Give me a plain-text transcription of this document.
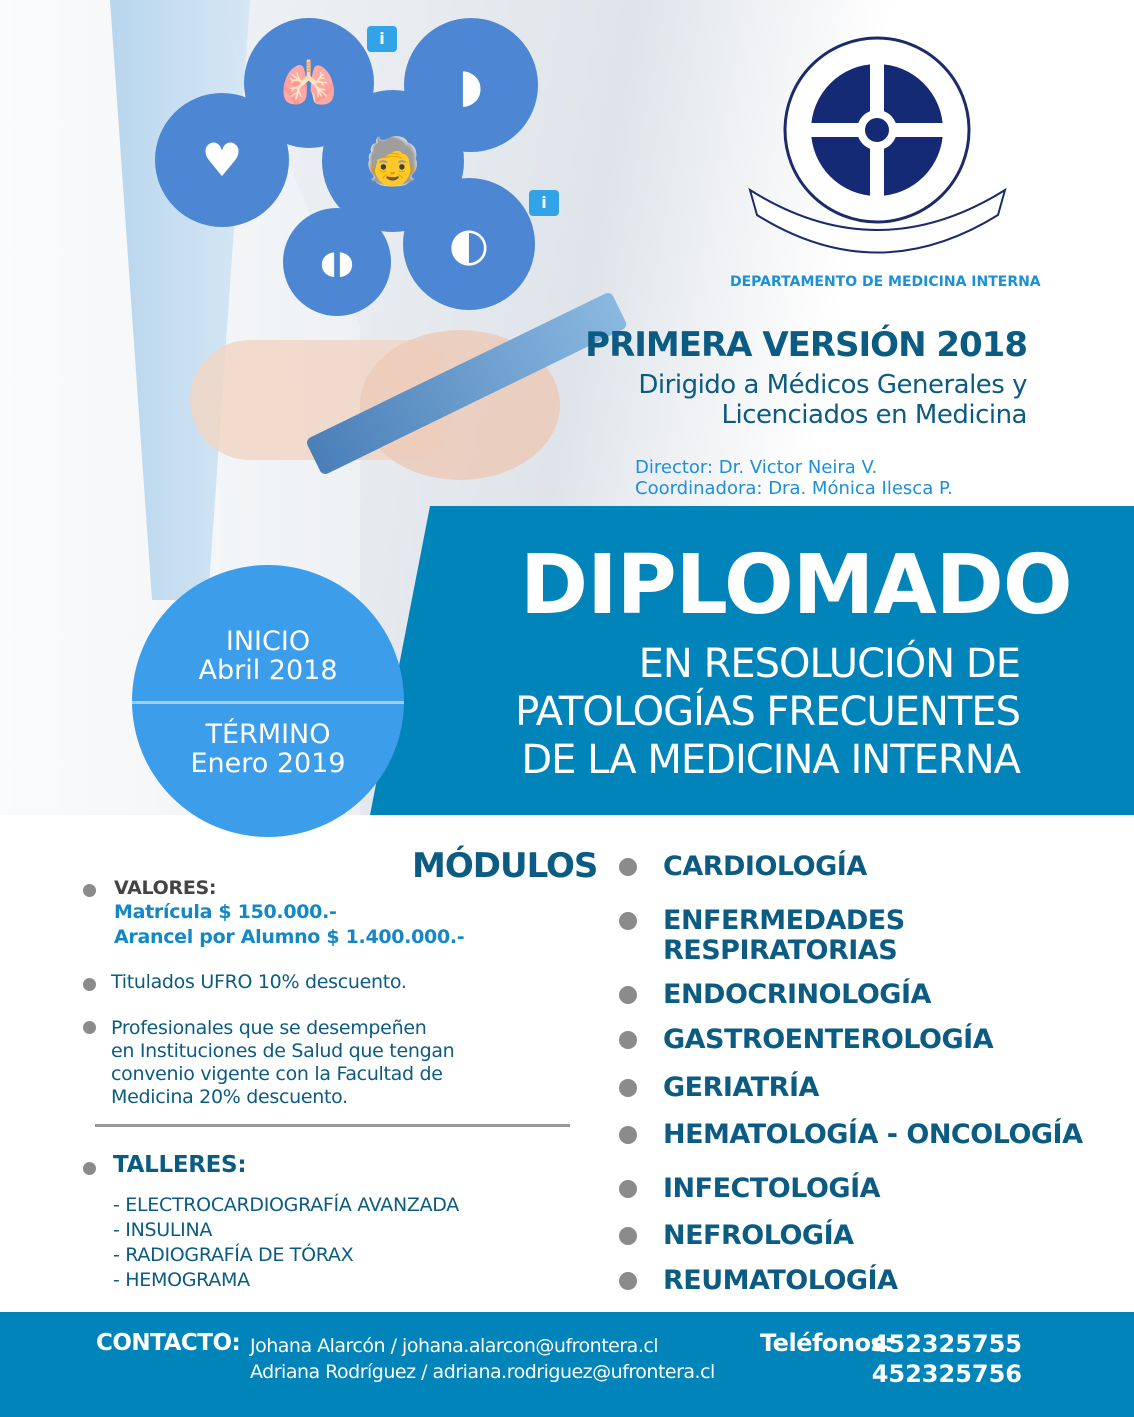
🫁	◗
♥	🧓
◖◗	◐
i
i
DEPARTAMENTO DE MEDICINA INTERNA
PRIMERA VERSIÓN 2018
Dirigido a Médicos Generales y
Licenciados en Medicina
Director: Dr. Victor Neira V.
Coordinadora: Dra. Mónica Ilesca P.
DIPLOMADO
EN RESOLUCIÓN DE
PATOLOGÍAS FRECUENTES
DE LA MEDICINA INTERNA
INICIO
Abril 2018
TÉRMINO
Enero 2019
MÓDULOS
VALORES:
Matrícula $ 150.000.-
Arancel por Alumno $ 1.400.000.-
Titulados UFRO 10% descuento.
Profesionales que se desempeñen
en Instituciones de Salud que tengan
convenio vigente con la Facultad de
Medicina 20% descuento.
TALLERES:
- ELECTROCARDIOGRAFÍA AVANZADA
- INSULINA
- RADIOGRAFÍA DE TÓRAX
- HEMOGRAMA
CARDIOLOGÍA
ENFERMEDADES RESPIRATORIAS
ENDOCRINOLOGÍA
GASTROENTEROLOGÍA
GERIATRÍA
HEMATOLOGÍA - ONCOLOGÍA
INFECTOLOGÍA
NEFROLOGÍA
REUMATOLOGÍA
CONTACTO: Johana Alarcón / johana.alarcon@ufrontera.cl
Adriana Rodríguez / adriana.rodriguez@ufrontera.cl
Teléfonos:
452325755
452325756
